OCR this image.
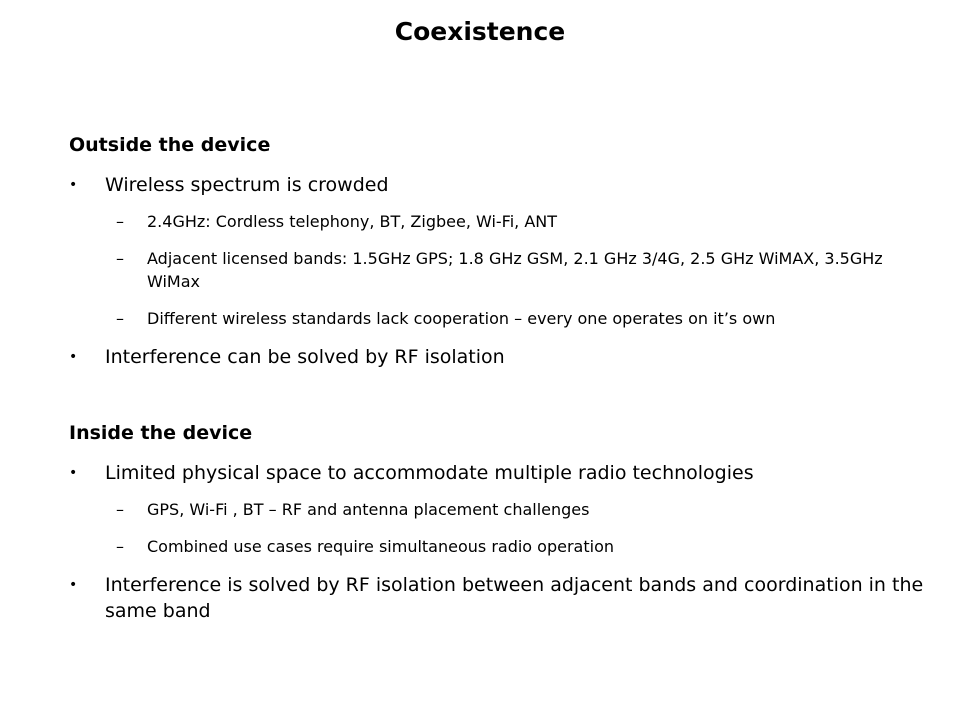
Coexistence
Outside the device
• Wireless spectrum is crowded
– 2.4GHz: Cordless telephony, BT, Zigbee, Wi-Fi, ANT
– Adjacent licensed bands: 1.5GHz GPS; 1.8 GHz GSM, 2.1 GHz 3/4G, 2.5 GHz WiMAX, 3.5GHz WiMax
– Different wireless standards lack cooperation – every one operates on it’s own
• Interference can be solved by RF isolation
Inside the device
• Limited physical space to accommodate multiple radio technologies
– GPS, Wi-Fi , BT – RF and antenna placement challenges
– Combined use cases require simultaneous radio operation
• Interference is solved by RF isolation between adjacent bands and coordination in the same band
